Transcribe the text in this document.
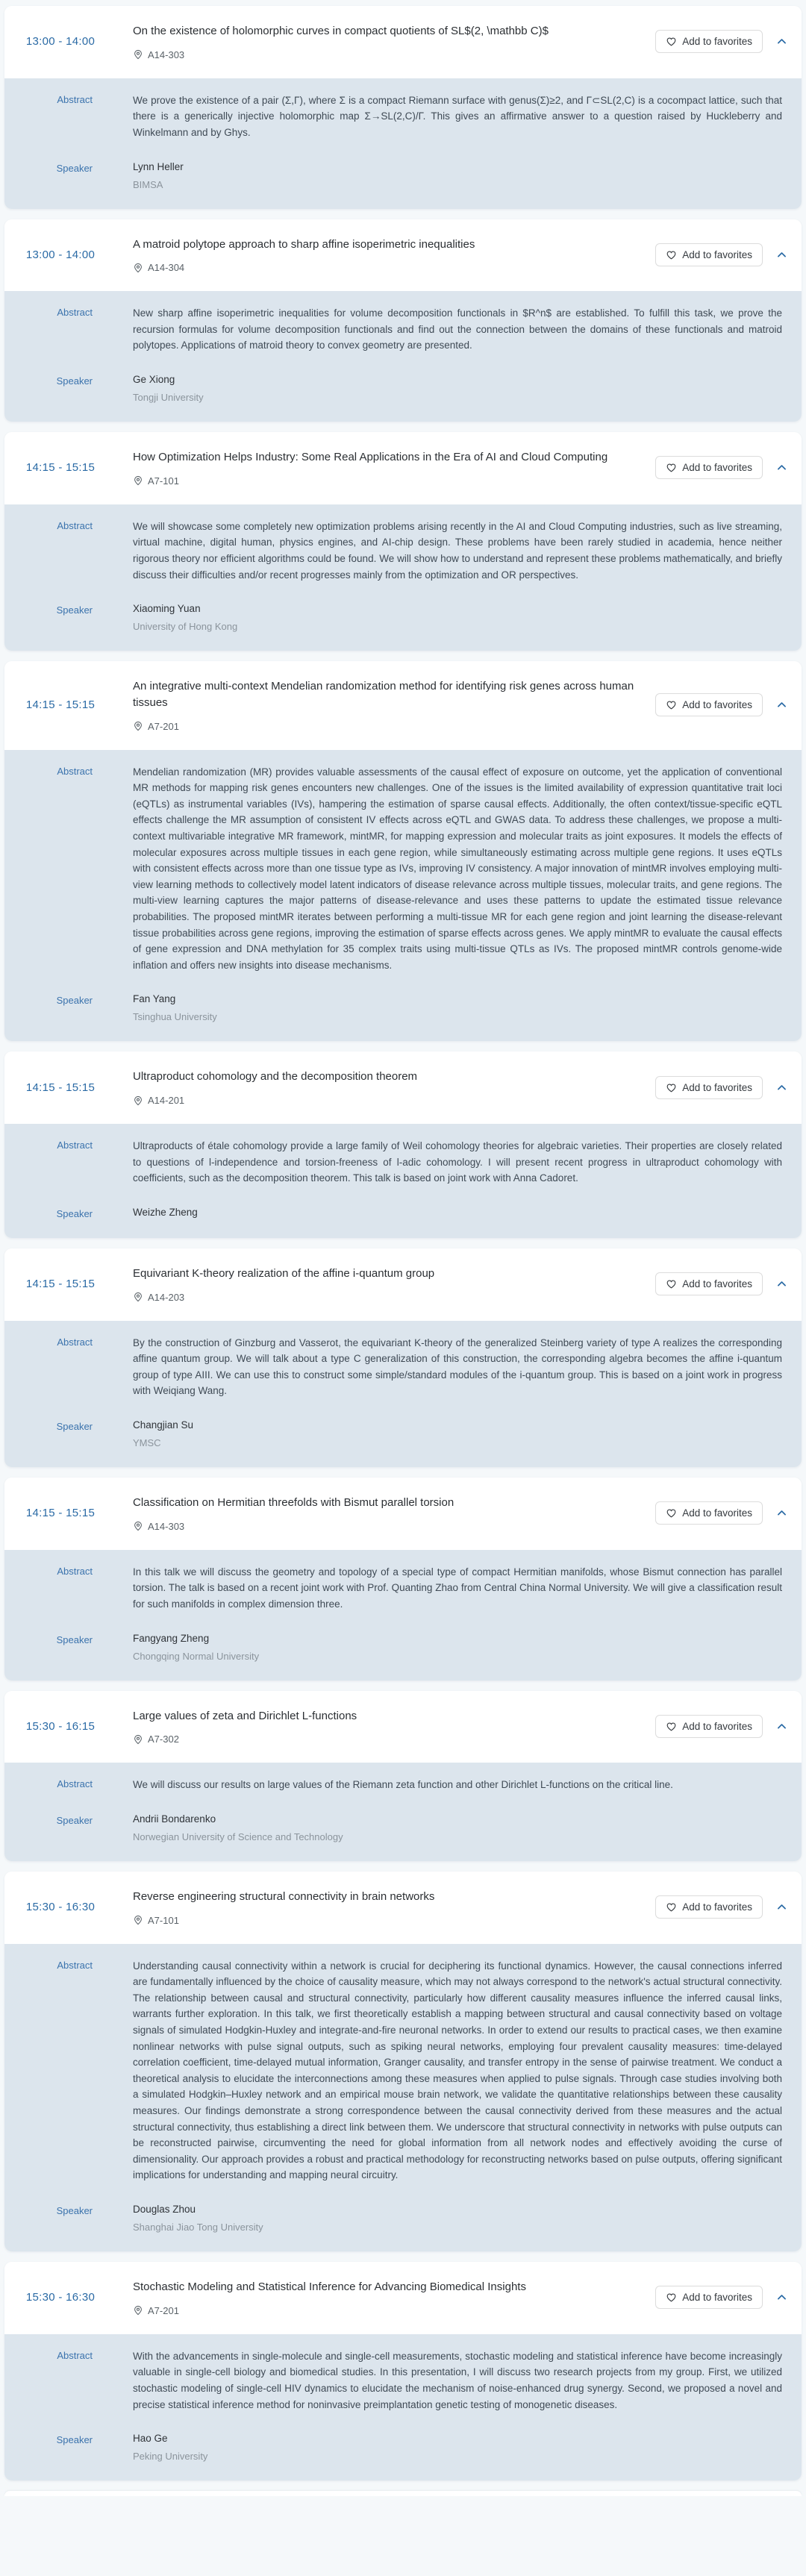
13:00 - 14:00
On the existence of holomorphic curves in compact quotients of SL$(2, \mathbb C)$
A14-303
Add to favorites
Abstract	We prove the existence of a pair (Σ,Γ), where Σ is a compact Riemann surface with genus(Σ)≥2, and Γ⊂SL(2,C) is a cocompact lattice, such that there is a generically injective holomorphic map Σ→SL(2,C)/Γ. This gives an affirmative answer to a question raised by Huckleberry and Winkelmann and by Ghys.
Speaker	Lynn Heller
BIMSA
13:00 - 14:00
A matroid polytope approach to sharp affine isoperimetric inequalities
A14-304
Add to favorites
Abstract	New sharp affine isoperimetric inequalities for volume decomposition functionals in $R^n$ are established. To fulfill this task, we prove the recursion formulas for volume decomposition functionals and find out the connection between the domains of these functionals and matroid polytopes. Applications of matroid theory to convex geometry are presented.
Speaker	Ge Xiong
Tongji University
14:15 - 15:15
How Optimization Helps Industry: Some Real Applications in the Era of AI and Cloud Computing
A7-101
Add to favorites
Abstract	We will showcase some completely new optimization problems arising recently in the AI and Cloud Computing industries, such as live streaming, virtual machine, digital human, physics engines, and AI-chip design. These problems have been rarely studied in academia, hence neither rigorous theory nor efficient algorithms could be found. We will show how to understand and represent these problems mathematically, and briefly discuss their difficulties and/or recent progresses mainly from the optimization and OR perspectives.
Speaker	Xiaoming Yuan
University of Hong Kong
14:15 - 15:15
An integrative multi-context Mendelian randomization method for identifying risk genes across human tissues
A7-201
Add to favorites
Abstract	Mendelian randomization (MR) provides valuable assessments of the causal effect of exposure on outcome, yet the application of conventional MR methods for mapping risk genes encounters new challenges. One of the issues is the limited availability of expression quantitative trait loci (eQTLs) as instrumental variables (IVs), hampering the estimation of sparse causal effects. Additionally, the often context/tissue-specific eQTL effects challenge the MR assumption of consistent IV effects across eQTL and GWAS data. To address these challenges, we propose a multi-context multivariable integrative MR framework, mintMR, for mapping expression and molecular traits as joint exposures. It models the effects of molecular exposures across multiple tissues in each gene region, while simultaneously estimating across multiple gene regions. It uses eQTLs with consistent effects across more than one tissue type as IVs, improving IV consistency. A major innovation of mintMR involves employing multi-view learning methods to collectively model latent indicators of disease relevance across multiple tissues, molecular traits, and gene regions. The multi-view learning captures the major patterns of disease-relevance and uses these patterns to update the estimated tissue relevance probabilities. The proposed mintMR iterates between performing a multi-tissue MR for each gene region and joint learning the disease-relevant tissue probabilities across gene regions, improving the estimation of sparse effects across genes. We apply mintMR to evaluate the causal effects of gene expression and DNA methylation for 35 complex traits using multi-tissue QTLs as IVs. The proposed mintMR controls genome-wide inflation and offers new insights into disease mechanisms.
Speaker	Fan Yang
Tsinghua University
14:15 - 15:15
Ultraproduct cohomology and the decomposition theorem
A14-201
Add to favorites
Abstract	Ultraproducts of étale cohomology provide a large family of Weil cohomology theories for algebraic varieties. Their properties are closely related to questions of l-independence and torsion-freeness of l-adic cohomology. I will present recent progress in ultraproduct cohomology with coefficients, such as the decomposition theorem. This talk is based on joint work with Anna Cadoret.
Speaker	Weizhe Zheng
14:15 - 15:15
Equivariant K-theory realization of the affine i-quantum group
A14-203
Add to favorites
Abstract	By the construction of Ginzburg and Vasserot, the equivariant K-theory of the generalized Steinberg variety of type A realizes the corresponding affine quantum group. We will talk about a type C generalization of this construction, the corresponding algebra becomes the affine i-quantum group of type AIII. We can use this to construct some simple/standard modules of the i-quantum group. This is based on a joint work in progress with Weiqiang Wang.
Speaker	Changjian Su
YMSC
14:15 - 15:15
Classification on Hermitian threefolds with Bismut parallel torsion
A14-303
Add to favorites
Abstract	In this talk we will discuss the geometry and topology of a special type of compact Hermitian manifolds, whose Bismut connection has parallel torsion. The talk is based on a recent joint work with Prof. Quanting Zhao from Central China Normal University. We will give a classification result for such manifolds in complex dimension three.
Speaker	Fangyang Zheng
Chongqing Normal University
15:30 - 16:15
Large values of zeta and Dirichlet L-functions
A7-302
Add to favorites
Abstract	We will discuss our results on large values of the Riemann zeta function and other Dirichlet L-functions on the critical line.
Speaker	Andrii Bondarenko
Norwegian University of Science and Technology
15:30 - 16:30
Reverse engineering structural connectivity in brain networks
A7-101
Add to favorites
Abstract	Understanding causal connectivity within a network is crucial for deciphering its functional dynamics. However, the causal connections inferred are fundamentally influenced by the choice of causality measure, which may not always correspond to the network's actual structural connectivity. The relationship between causal and structural connectivity, particularly how different causality measures influence the inferred causal links, warrants further exploration. In this talk, we first theoretically establish a mapping between structural and causal connectivity based on voltage signals of simulated Hodgkin-Huxley and integrate-and-fire neuronal networks. In order to extend our results to practical cases, we then examine nonlinear networks with pulse signal outputs, such as spiking neural networks, employing four prevalent causality measures: time-delayed correlation coefficient, time-delayed mutual information, Granger causality, and transfer entropy in the sense of pairwise treatment. We conduct a theoretical analysis to elucidate the interconnections among these measures when applied to pulse signals. Through case studies involving both a simulated Hodgkin–Huxley network and an empirical mouse brain network, we validate the quantitative relationships between these causality measures. Our findings demonstrate a strong correspondence between the causal connectivity derived from these measures and the actual structural connectivity, thus establishing a direct link between them. We underscore that structural connectivity in networks with pulse outputs can be reconstructed pairwise, circumventing the need for global information from all network nodes and effectively avoiding the curse of dimensionality. Our approach provides a robust and practical methodology for reconstructing networks based on pulse outputs, offering significant implications for understanding and mapping neural circuitry.
Speaker	Douglas Zhou
Shanghai Jiao Tong University
15:30 - 16:30
Stochastic Modeling and Statistical Inference for Advancing Biomedical Insights
A7-201
Add to favorites
Abstract	With the advancements in single-molecule and single-cell measurements, stochastic modeling and statistical inference have become increasingly valuable in single-cell biology and biomedical studies. In this presentation, I will discuss two research projects from my group. First, we utilized stochastic modeling of single-cell HIV dynamics to elucidate the mechanism of noise-enhanced drug synergy. Second, we proposed a novel and precise statistical inference method for noninvasive preimplantation genetic testing of monogenetic diseases.
Speaker	Hao Ge
Peking University
